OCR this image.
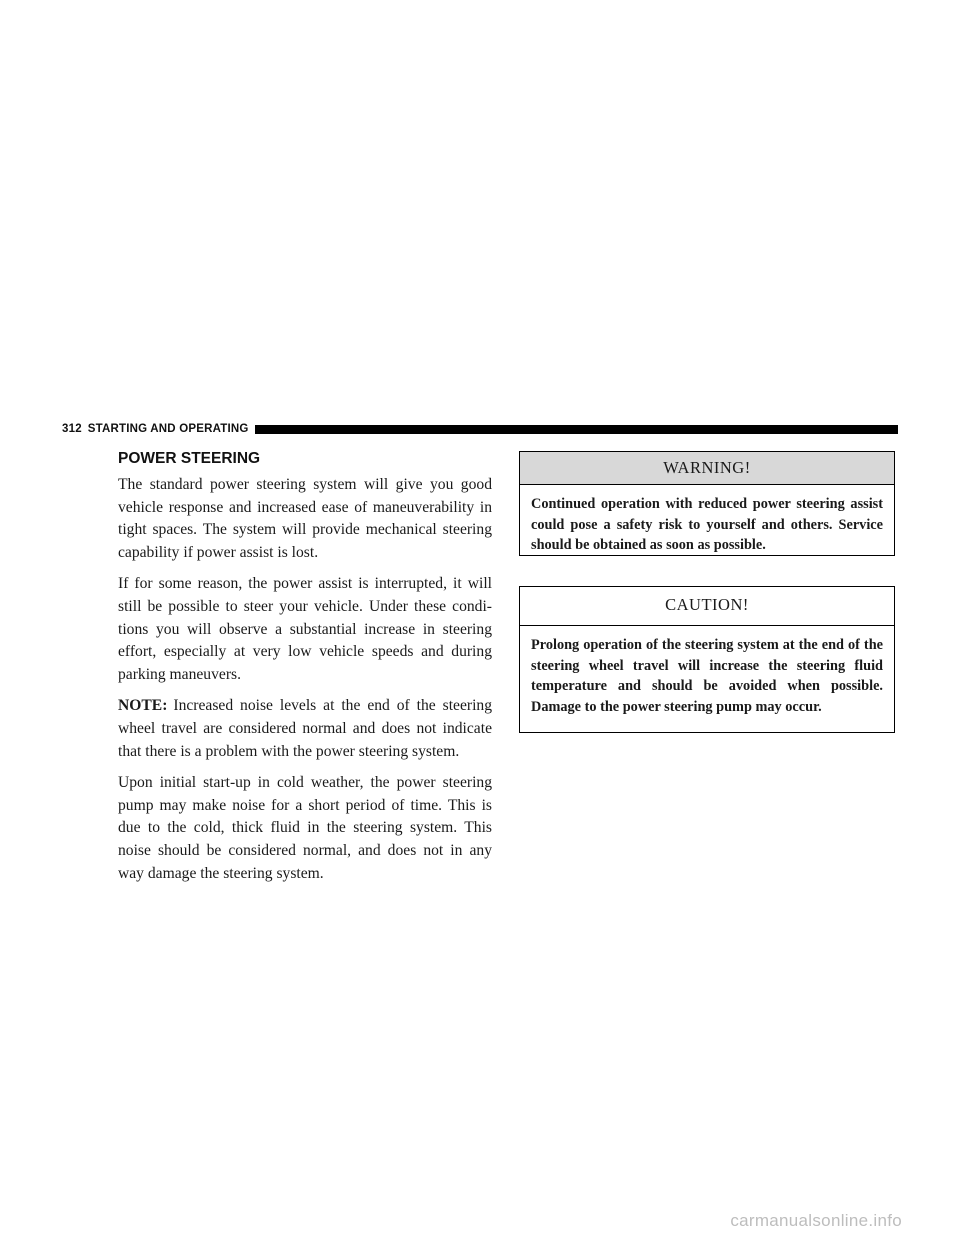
312 STARTING AND OPERATING
POWER STEERING

The standard power steering system will give you good vehicle response and increased ease of maneuverability in tight spaces. The system will provide mechanical steering capability if power assist is lost.

If for some reason, the power assist is interrupted, it will still be possible to steer your vehicle. Under these condi-tions you will observe a substantial increase in steering effort, especially at very low vehicle speeds and during parking maneuvers.

NOTE: Increased noise levels at the end of the steering wheel travel are considered normal and does not indicate that there is a problem with the power steering system.

Upon initial start-up in cold weather, the power steering pump may make noise for a short period of time. This is due to the cold, thick fluid in the steering system. This noise should be considered normal, and does not in any way damage the steering system.

WARNING!
Continued operation with reduced power steering assist could pose a safety risk to yourself and others. Service should be obtained as soon as possible.
CAUTION!
Prolong operation of the steering system at the end of the steering wheel travel will increase the steering fluid temperature and should be avoided when possible. Damage to the power steering pump may occur.
carmanualsonline.info
